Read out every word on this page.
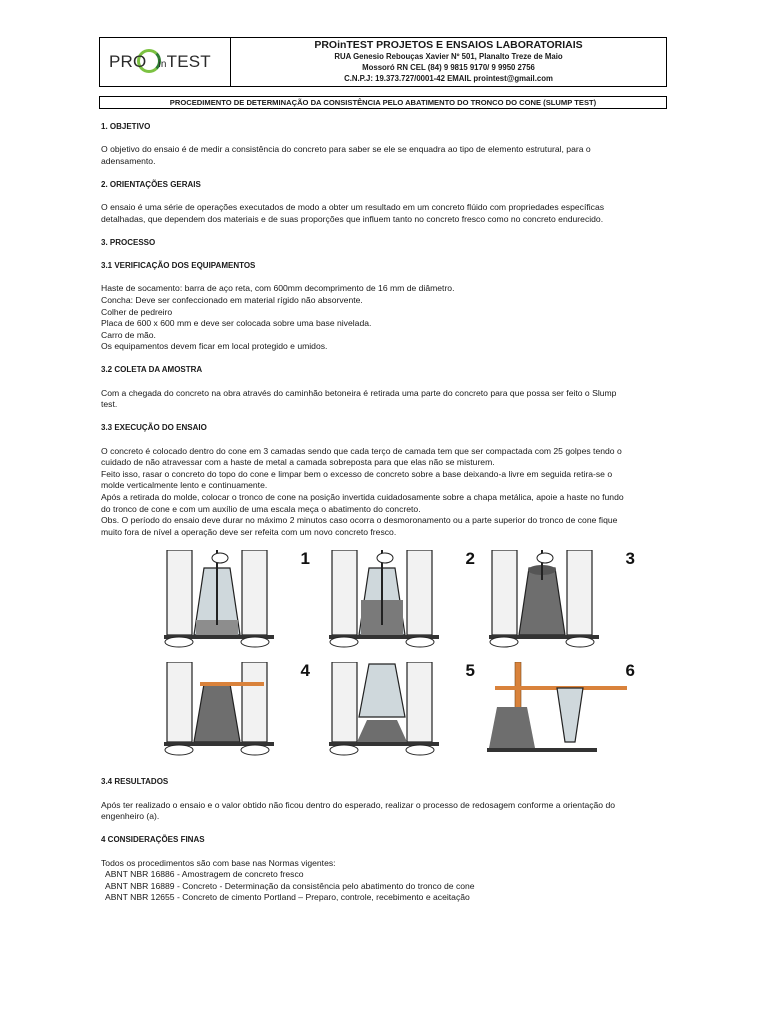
PRO inTEST
PROinTEST PROJETOS E ENSAIOS LABORATORIAIS
RUA Genesio Rebouças Xavier Nº 501, Planalto Treze de Maio
Mossoró RN CEL (84) 9 9815 9170/ 9 9950 2756
C.N.P.J: 19.373.727/0001-42 EMAIL prointest@gmail.com
PROCEDIMENTO DE DETERMINAÇÃO DA CONSISTÊNCIA PELO ABATIMENTO DO TRONCO DO CONE (SLUMP TEST)

1. OBJETIVO

O objetivo do ensaio é de medir a consistência do concreto para saber se ele se enquadra ao tipo de elemento estrutural, para o adensamento.

2. ORIENTAÇÕES GERAIS

O ensaio é uma série de operações executados de modo a obter um resultado em um concreto flúido com propriedades específicas detalhadas, que dependem dos materiais e de suas proporções que influem tanto no concreto fresco como no concreto endurecido.

3. PROCESSO

3.1 VERIFICAÇÃO DOS EQUIPAMENTOS

Haste de socamento: barra de aço reta, com 600mm decomprimento de 16 mm de diâmetro.

Concha: Deve ser confeccionado em material rígido não absorvente.

Colher de pedreiro

Placa de 600 x 600 mm e deve ser colocada sobre uma base nivelada.

Carro de mão.

Os equipamentos devem ficar em local protegido e umidos.

3.2 COLETA DA AMOSTRA

Com a chegada do concreto na obra através do caminhão betoneira é retirada uma parte do concreto para que possa ser feito o Slump test.

3.3 EXECUÇÃO DO ENSAIO

O concreto é colocado dentro do cone em 3 camadas sendo que cada terço de camada tem que ser compactada com 25 golpes tendo o cuidado de não atravessar com a haste de metal a camada sobreposta para que elas não se misturem.

Feito isso, rasar o concreto do topo do cone e limpar bem o excesso de concreto sobre a base deixando-a livre em seguida retira-se o molde verticalmente lento e continuamente.

Após a retirada do molde, colocar o tronco de cone na posição invertida cuidadosamente sobre a chapa metálica, apoie a haste no fundo do tronco de cone e com um auxílio de uma escala meça o abatimento do concreto.

Obs. O período do ensaio deve durar no máximo 2 minutos caso ocorra o desmoronamento ou a parte superior do tronco de cone fique muito fora de nível a operação deve ser refeita com um novo concreto fresco.

1	2	3
4	5	6

3.4 RESULTADOS

Após ter realizado o ensaio e o valor obtido não ficou dentro do esperado, realizar o processo de redosagem conforme a orientação do engenheiro (a).

4 CONSIDERAÇÕES FINAS

Todos os procedimentos são com base nas Normas vigentes:

ABNT NBR 16886 - Amostragem de concreto fresco

ABNT NBR 16889 - Concreto - Determinação da consistência pelo abatimento do tronco de cone

ABNT NBR 12655 - Concreto de cimento Portland – Preparo, controle, recebimento e aceitação
